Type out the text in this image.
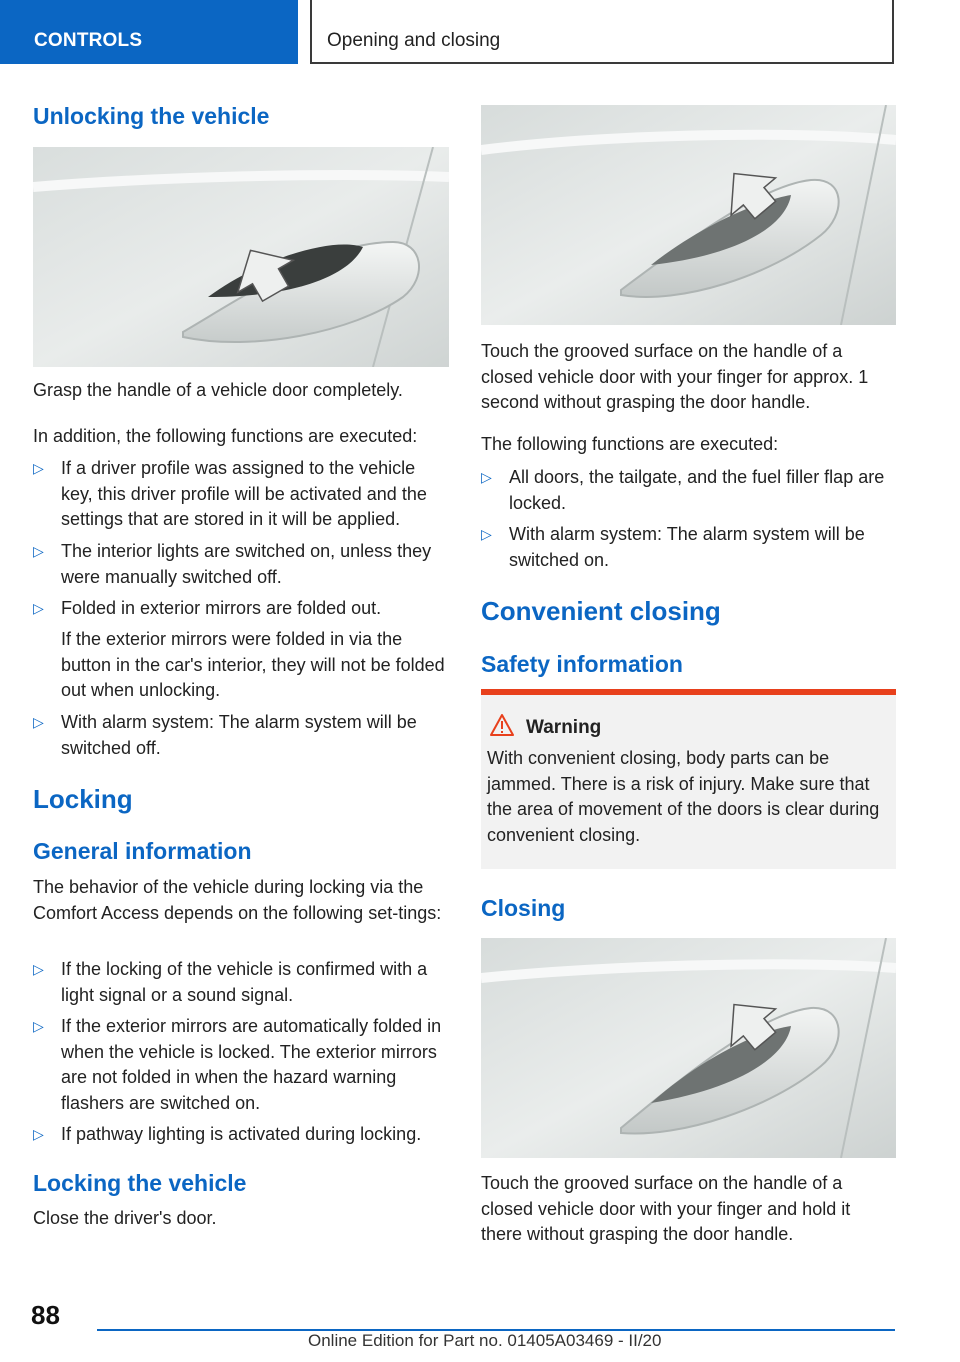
CONTROLS	Opening and closing
Unlocking the vehicle

Grasp the handle of a vehicle door completely.

In addition, the following functions are executed:

▷ If a driver profile was assigned to the vehicle key, this driver profile will be activated and the settings that are stored in it will be applied.
▷ The interior lights are switched on, unless they were manually switched off.
▷ Folded in exterior mirrors are folded out.
If the exterior mirrors were folded in via the button in the car's interior, they will not be folded out when unlocking.
▷ With alarm system: The alarm system will be switched off.
Locking
General information

The behavior of the vehicle during locking via the Comfort Access depends on the following set-tings:

▷ If the locking of the vehicle is confirmed with a light signal or a sound signal.
▷ If the exterior mirrors are automatically folded in when the vehicle is locked. The exterior mirrors are not folded in when the hazard warning flashers are switched on.
▷ If pathway lighting is activated during locking.
Locking the vehicle

Close the driver's door.

Touch the grooved surface on the handle of a closed vehicle door with your finger for approx. 1 second without grasping the door handle.

The following functions are executed:

▷ All doors, the tailgate, and the fuel filler flap are locked.
▷ With alarm system: The alarm system will be switched on.
Convenient closing
Safety information
Warning
With convenient closing, body parts can be jammed. There is a risk of injury. Make sure that the area of movement of the doors is clear during convenient closing.
Closing

Touch the grooved surface on the handle of a closed vehicle door with your finger and hold it there without grasping the door handle.

88
Online Edition for Part no. 01405A03469 - II/20
